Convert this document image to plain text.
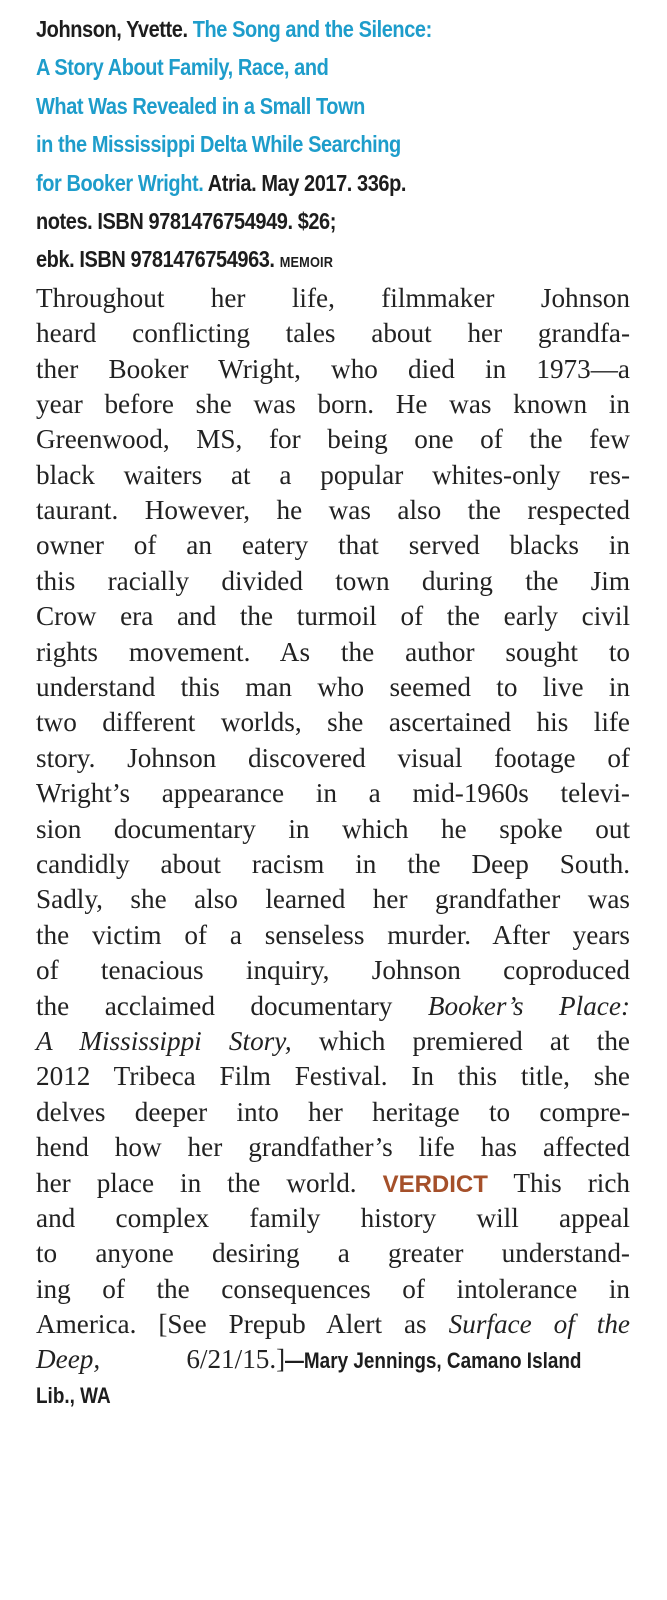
Johnson, Yvette. The Song and the Silence:
A Story About Family, Race, and
What Was Revealed in a Small Town
in the Mississippi Delta While Searching
for Booker Wright. Atria. May 2017. 336p.
notes. ISBN 9781476754949. $26;
ebk. ISBN 9781476754963. MEMOIR
Throughout her life, filmmaker Johnson
heard conflicting tales about her grandfa-
ther Booker Wright, who died in 1973—a
year before she was born. He was known in
Greenwood, MS, for being one of the few
black waiters at a popular whites-only res-
taurant. However, he was also the respected
owner of an eatery that served blacks in
this racially divided town during the Jim
Crow era and the turmoil of the early civil
rights movement. As the author sought to
understand this man who seemed to live in
two different worlds, she ascertained his life
story. Johnson discovered visual footage of
Wright’s appearance in a mid-1960s televi-
sion documentary in which he spoke out
candidly about racism in the Deep South.
Sadly, she also learned her grandfather was
the victim of a senseless murder. After years
of tenacious inquiry, Johnson coproduced
the acclaimed documentary Booker’s Place:
A Mississippi Story, which premiered at the
2012 Tribeca Film Festival. In this title, she
delves deeper into her heritage to compre-
hend how her grandfather’s life has affected
her place in the world. VERDICT This rich
and complex family history will appeal
to anyone desiring a greater understand-
ing of the consequences of intolerance in
America. [See Prepub Alert as Surface of the
Deep, 6/21/15.]—Mary Jennings, Camano Island
Lib., WA
